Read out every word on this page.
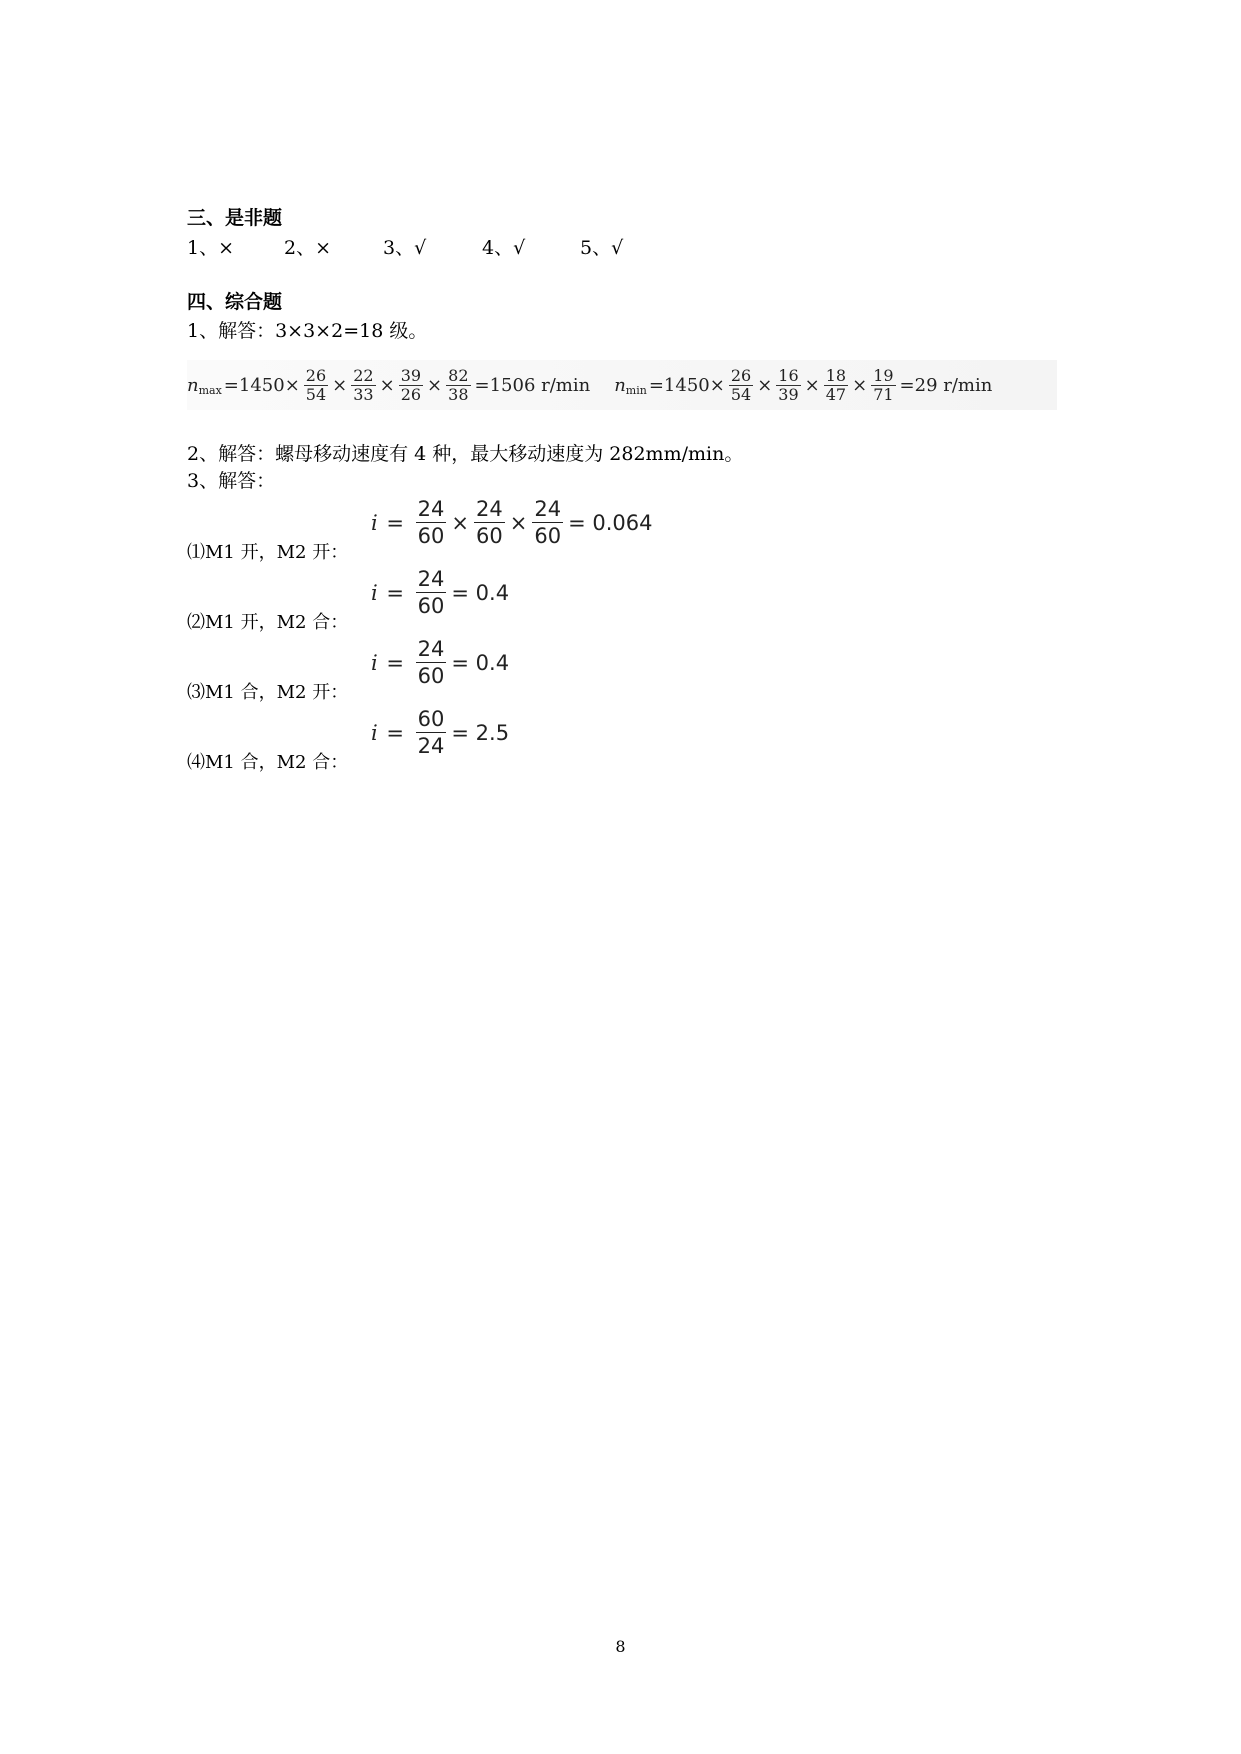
三、是非题
1、×	2、×	3、√	4、√	5、√
四、综合题
1、解答：3×3×2=18 级。
n $\max =1450\times \frac{26}{54} \times \frac{22}{33} \times \frac{39}{26} \times \frac{82}{38} =1506$ r/min n $\min =1450\times \frac{26}{54} \times \frac{16}{39} \times \frac{18}{47} \times \frac{19}{71} =29$ r/min
2、解答：螺母移动速度有 4 种，最大移动速度为 282mm/min。
3、解答：
⑴M1 开，M2 开：
$i = \frac{24}{60} \times \frac{24}{60} \times \frac{24}{60} = 0.064$
⑵M1 开，M2 合：
$i = \frac{24}{60} = 0.4$
⑶M1 合，M2 开：
$i = \frac{24}{60} = 0.4$
⑷M1 合，M2 合：
$i = \frac{60}{24} = 2.5$
8
